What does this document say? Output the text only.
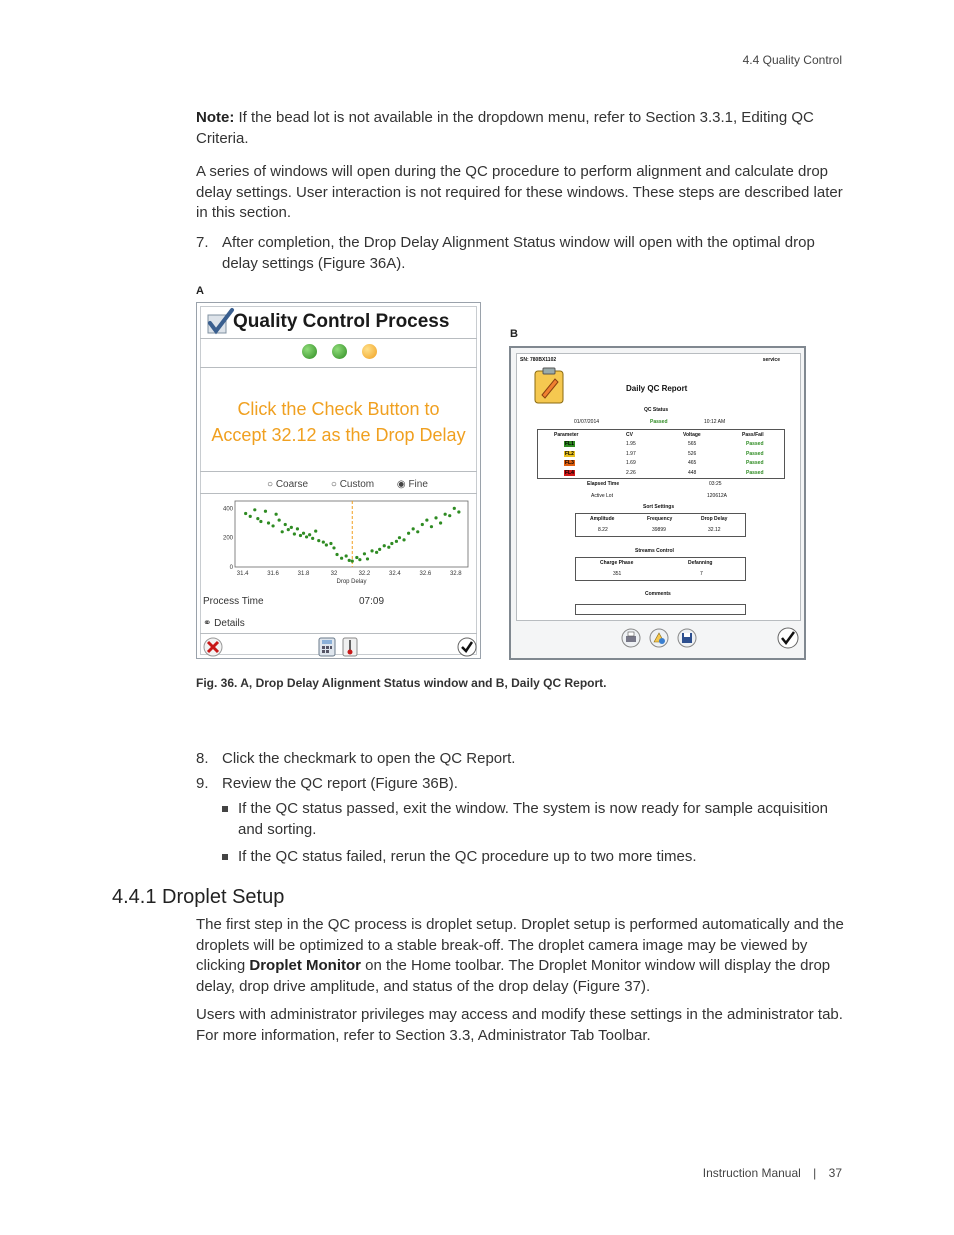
4.4 Quality Control
Note: If the bead lot is not available in the dropdown menu, refer to Section 3.3.1, Editing QC Criteria.
A series of windows will open during the QC procedure to perform alignment and calculate drop delay settings. User interaction is not required for these windows. These steps are described later in this section.
7. After completion, the Drop Delay Alignment Status window will open with the optimal drop delay settings (Figure 36A).
A
B
Quality Control Process
Click the Check Button to
Accept 32.12 as the Drop Delay
○ Coarse ○ Custom ◉ Fine
0
200
400
31.4	31.6	31.8	32	32.2	32.4	32.6	32.8
Drop Delay
Process Time	07:09
⚭ Details
SN: 780BX1102	service
Daily QC Report
QC Status
01/07/2014	Passed	10:12 AM
Parameter	CV	Voltage	Pass/Fail
FL1	1.95	565	Passed
FL2	1.97	526	Passed
FL3	1.69	465	Passed
FL4	2.26	448	Passed
Elapsed Time	03:25
Active Lot	120612A
Sort Settings
Amplitude	Frequency	Drop Delay
8.22	39899	32.12
Streams Control
Charge Phase	Defanning
351	7
Comments
Fig. 36. A, Drop Delay Alignment Status window and B, Daily QC Report.
8. Click the checkmark to open the QC Report.
9. Review the QC report (Figure 36B).
If the QC status passed, exit the window. The system is now ready for sample acquisition and sorting.
If the QC status failed, rerun the QC procedure up to two more times.
4.4.1 Droplet Setup
The first step in the QC process is droplet setup. Droplet setup is performed automatically and the droplets will be optimized to a stable break-off. The droplet camera image may be viewed by clicking Droplet Monitor on the Home toolbar. The Droplet Monitor window will display the drop delay, drop drive amplitude, and status of the drop delay (Figure 37).
Users with administrator privileges may access and modify these settings in the administrator tab. For more information, refer to Section 3.3, Administrator Tab Toolbar.
Instruction Manual | 37
